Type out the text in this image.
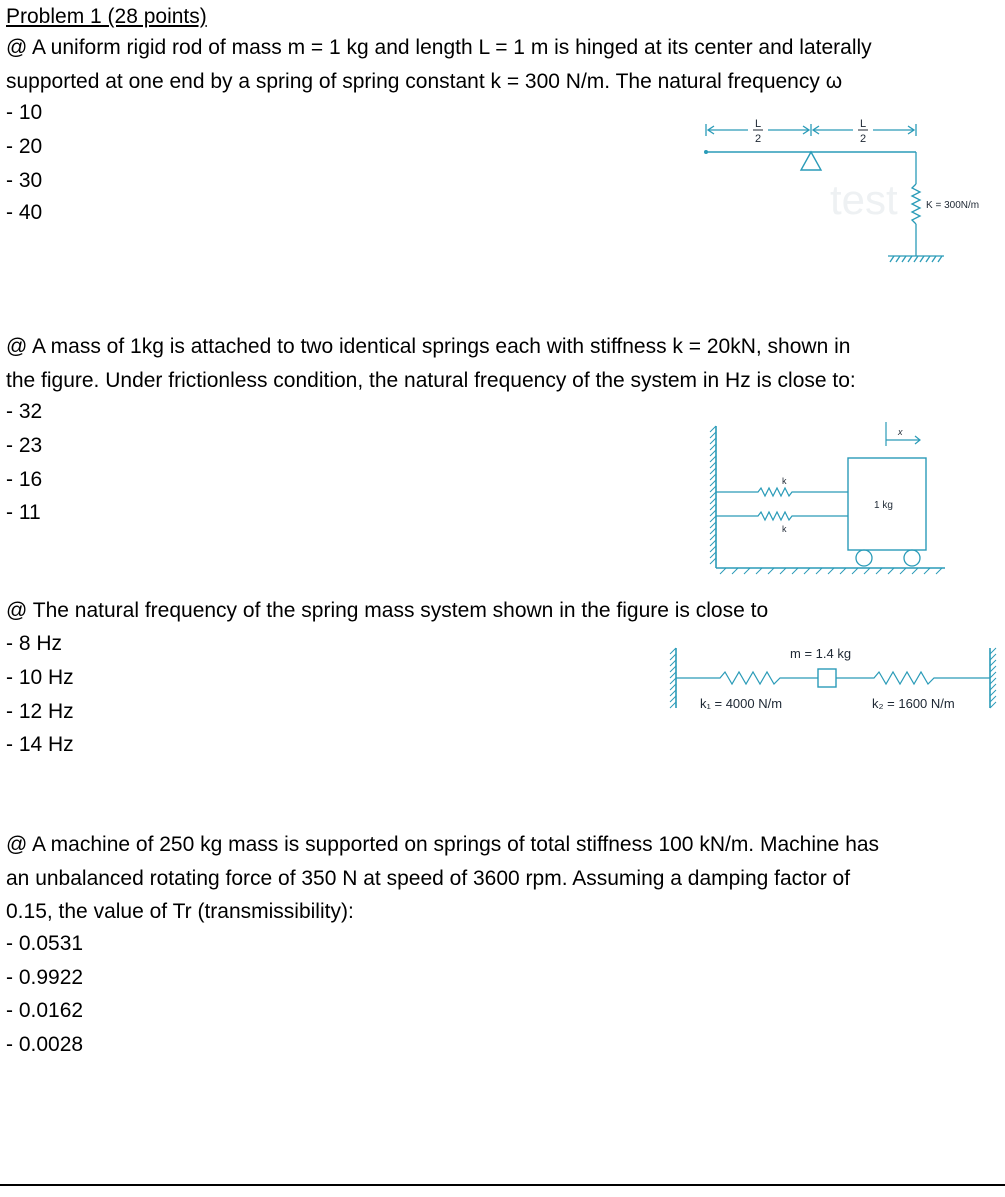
Problem 1 (28 points)
@ A uniform rigid rod of mass m = 1 kg and length L = 1 m is hinged at its center and laterally
supported at one end by a spring of spring constant k = 300 N/m. The natural frequency ω
- 10
- 20
- 30
- 40	test
L
2
L
2
K = 300N/m
@ A mass of 1kg is attached to two identical springs each with stiffness k = 20kN, shown in
the figure. Under frictionless condition, the natural frequency of the system in Hz is close to:
- 32
- 23
- 16
- 11
k
k
1 kg
x
@ The natural frequency of the spring mass system shown in the figure is close to
- 8 Hz
- 10 Hz
- 12 Hz
- 14 Hz
m = 1.4 kg
k₁ = 4000 N/m	k₂ = 1600 N/m
@ A machine of 250 kg mass is supported on springs of total stiffness 100 kN/m. Machine has
an unbalanced rotating force of 350 N at speed of 3600 rpm. Assuming a damping factor of
0.15, the value of Tr (transmissibility):
- 0.0531
- 0.9922
- 0.0162
- 0.0028
